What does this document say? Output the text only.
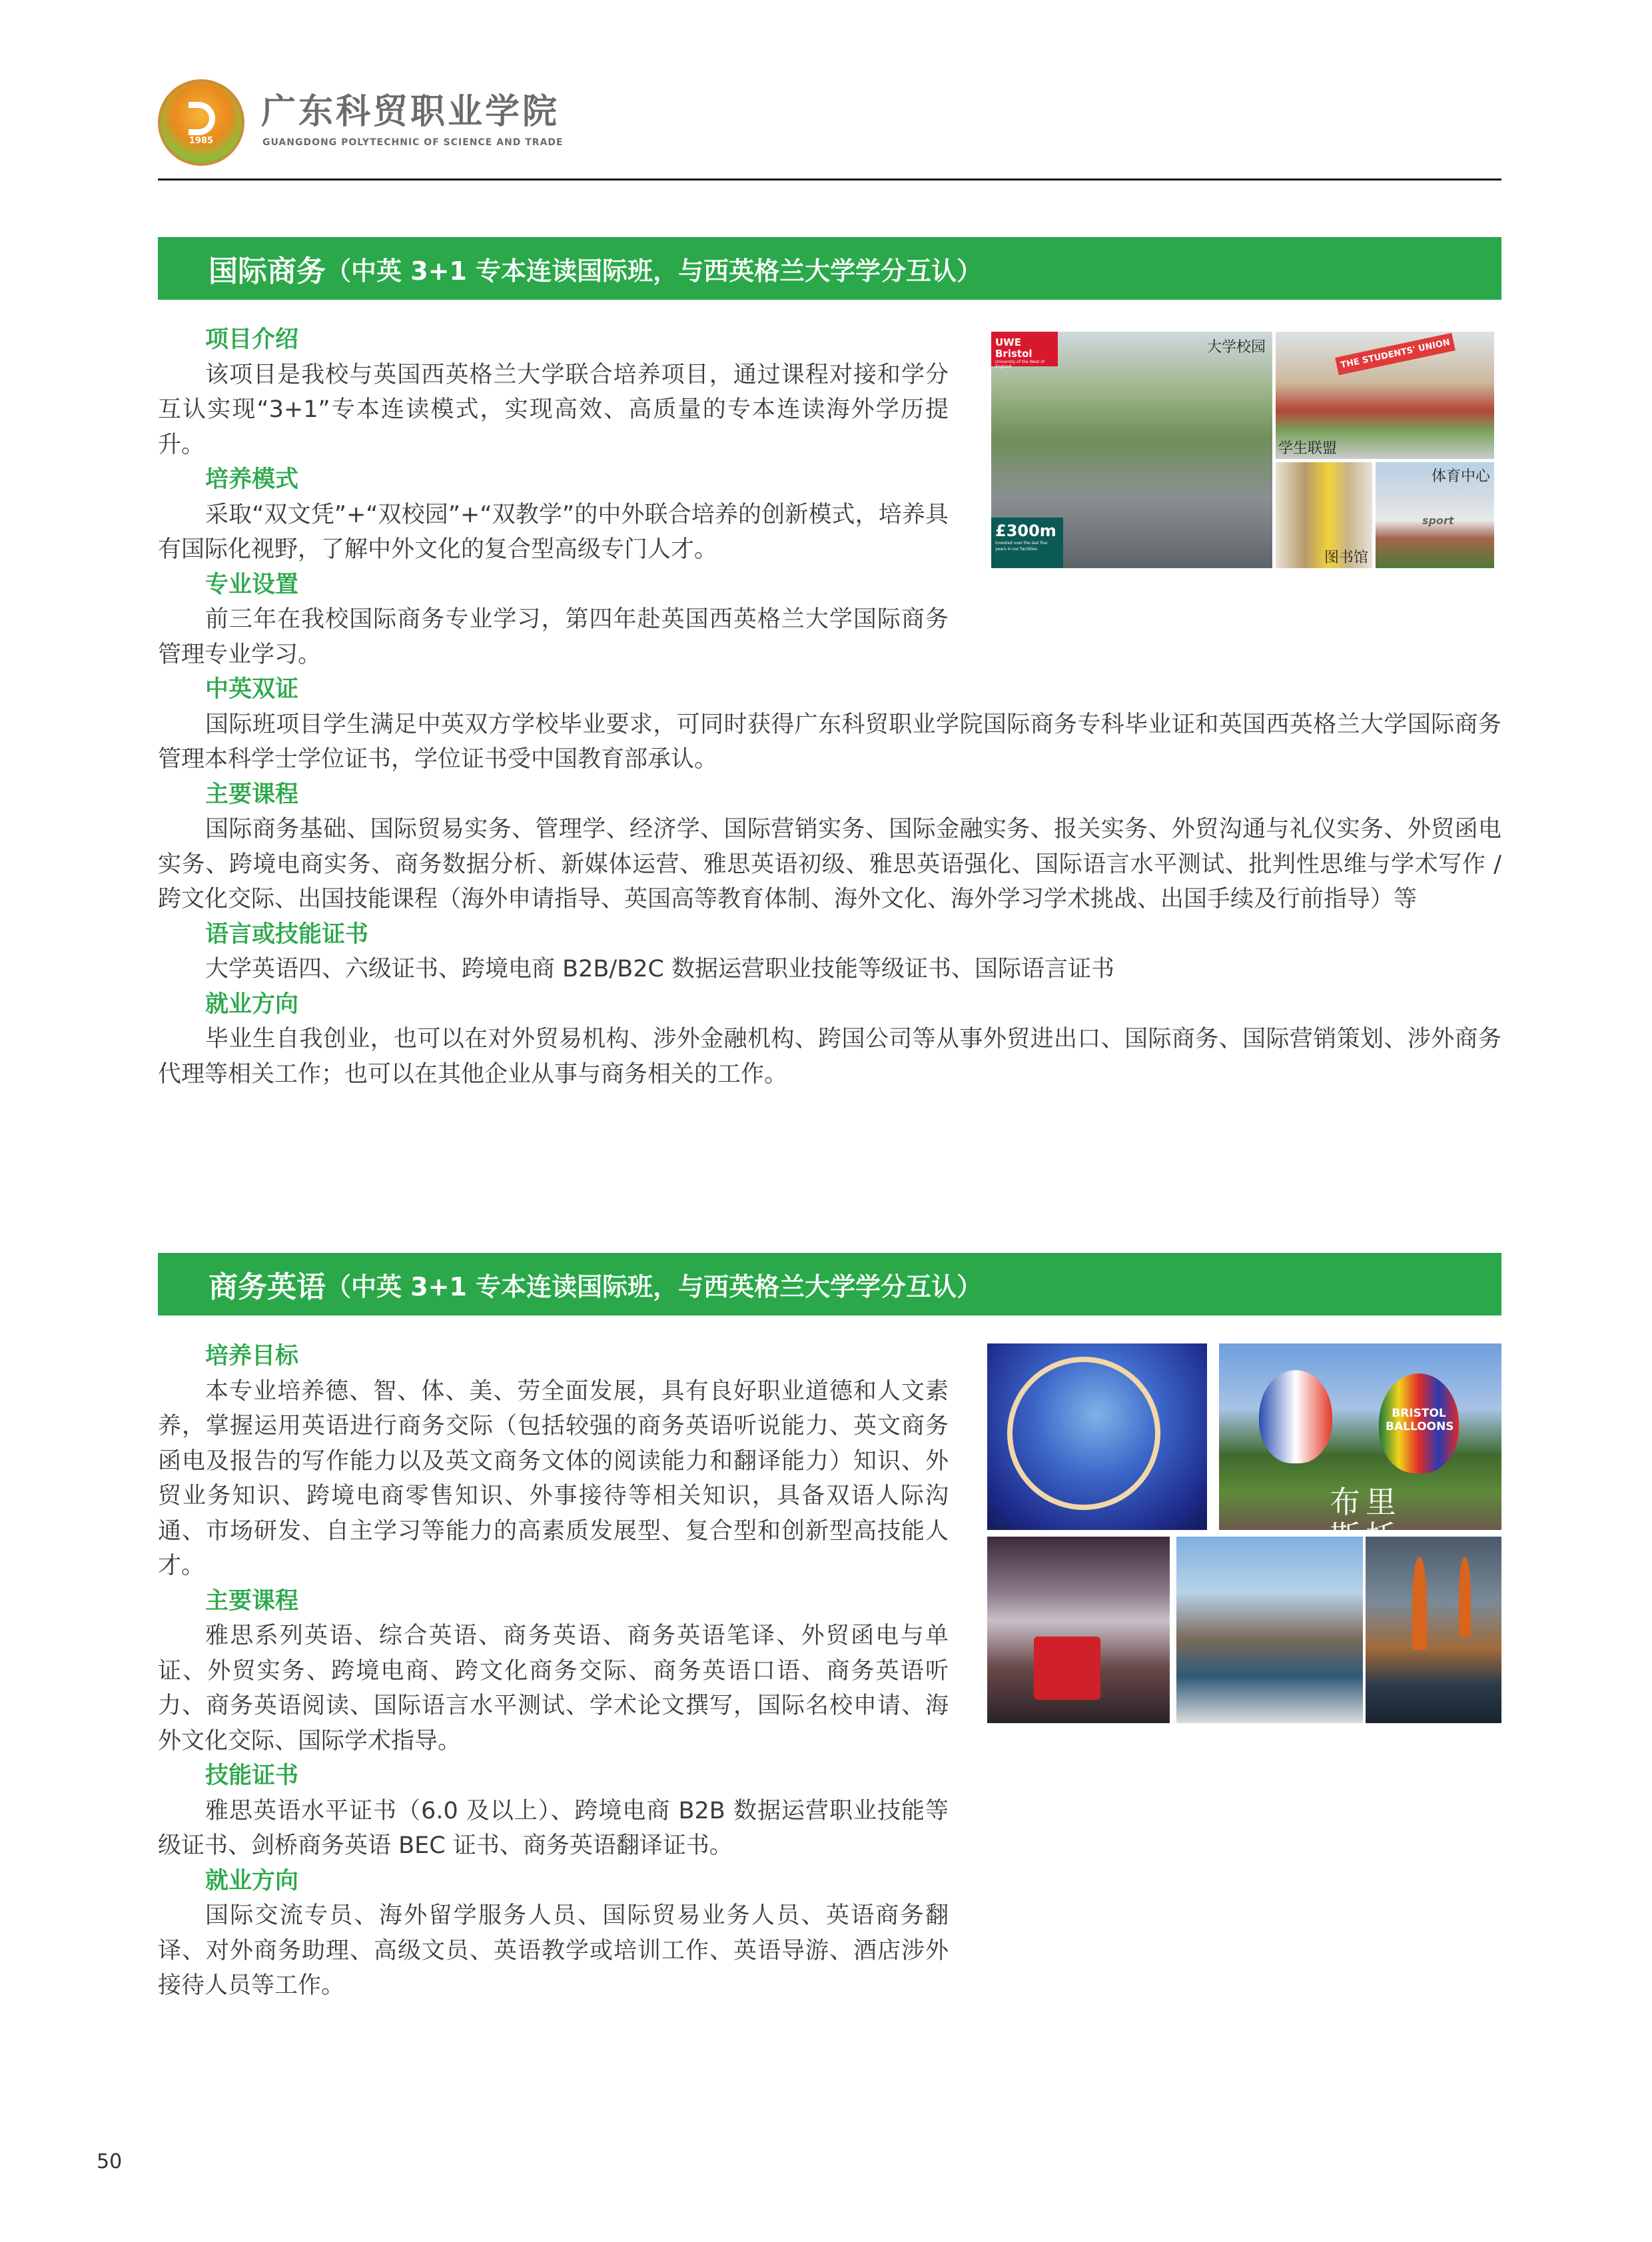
1985
广东科贸职业学院
GUANGDONG POLYTECHNIC OF SCIENCE AND TRADE
国际商务 （中英 3+1 专本连读国际班，与西英格兰大学学分互认）
项目介绍

该项目是我校与英国西英格兰大学联合培养项目，通过课程对接和学分互认实现“3+1”专本连读模式，实现高效、高质量的专本连读海外学历提升。

培养模式

采取“双文凭”+“双校园”+“双教学”的中外联合培养的创新模式，培养具有国际化视野，了解中外文化的复合型高级专门人才。

专业设置

前三年在我校国际商务专业学习，第四年赴英国西英格兰大学国际商务管理专业学习。

中英双证

国际班项目学生满足中英双方学校毕业要求，可同时获得广东科贸职业学院国际商务专科毕业证和英国西英格兰大学国际商务管理本科学士学位证书，学位证书受中国教育部承认。

主要课程

国际商务基础、国际贸易实务、管理学、经济学、国际营销实务、国际金融实务、报关实务、外贸沟通与礼仪实务、外贸函电实务、跨境电商实务、商务数据分析、新媒体运营、雅思英语初级、雅思英语强化、国际语言水平测试、批判性思维与学术写作 / 跨文化交际、出国技能课程（海外申请指导、英国高等教育体制、海外文化、海外学习学术挑战、出国手续及行前指导）等

语言或技能证书

大学英语四、六级证书、跨境电商 B2B/B2C 数据运营职业技能等级证书、国际语言证书

就业方向

毕业生自我创业，也可以在对外贸易机构、涉外金融机构、跨国公司等从事外贸进出口、国际商务、国际营销策划、涉外商务代理等相关工作；也可以在其他企业从事与商务相关的工作。

UWE Bristol
University of the West of England
大学校园
£300m
invested over the last five years in our facilities.
THE STUDENTS' UNION
学生联盟
图书馆
体育中心
sport
商务英语 （中英 3+1 专本连读国际班，与西英格兰大学学分互认）
培养目标

本专业培养德、智、体、美、劳全面发展，具有良好职业道德和人文素养，掌握运用英语进行商务交际（包括较强的商务英语听说能力、英文商务函电及报告的写作能力以及英文商务文体的阅读能力和翻译能力）知识、外贸业务知识、跨境电商零售知识、外事接待等相关知识，具备双语人际沟通、市场研发、自主学习等能力的高素质发展型、复合型和创新型高技能人才。

主要课程

雅思系列英语、综合英语、商务英语、商务英语笔译、外贸函电与单证、外贸实务、跨境电商、跨文化商务交际、商务英语口语、商务英语听力、商务英语阅读、国际语言水平测试、学术论文撰写，国际名校申请、海外文化交际、国际学术指导。

技能证书

雅思英语水平证书（6.0 及以上）、跨境电商 B2B 数据运营职业技能等级证书、剑桥商务英语 BEC 证书、商务英语翻译证书。

就业方向

国际交流专员、海外留学服务人员、国际贸易业务人员、英语商务翻译、对外商务助理、高级文员、英语教学或培训工作、英语导游、酒店涉外接待人员等工作。

BRISTOL BALLOONS
布里
50
